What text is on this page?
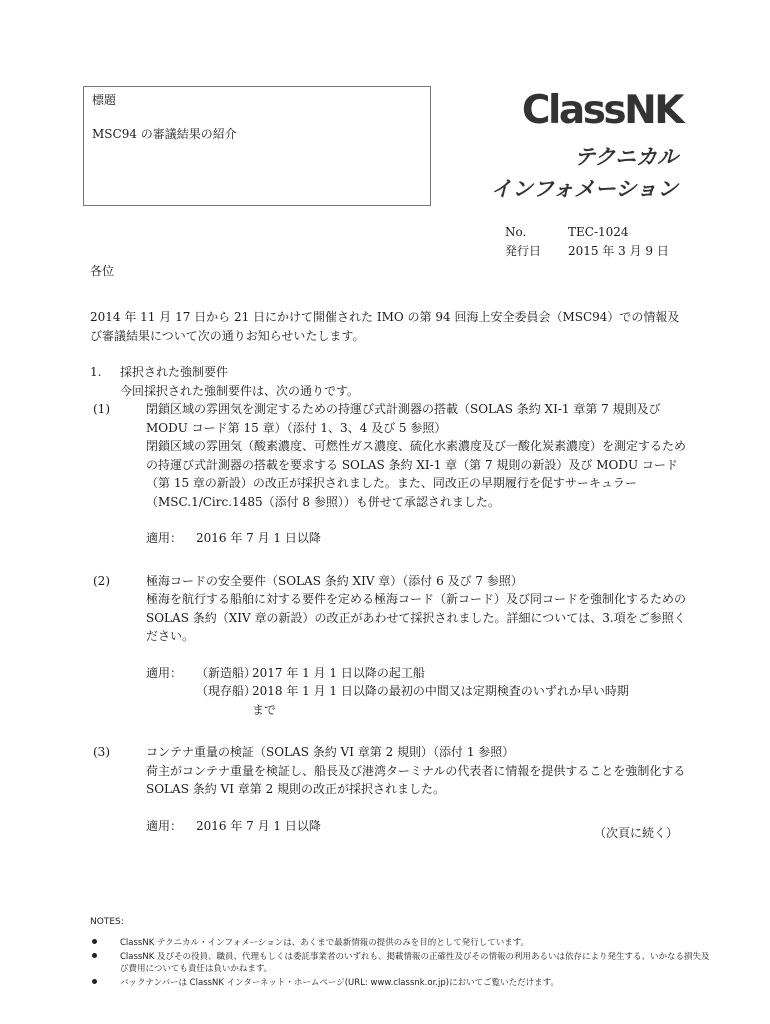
標題
MSC94 の審議結果の紹介
ClassNK
テクニカル
インフォメーション
No.	TEC-1024
発行日 2015 年 3 月 9 日
各位

2014 年 11 月 17 日から 21 日にかけて開催された IMO の第 94 回海上安全委員会（MSC94）での情報及び審議結果について次の通りお知らせいたします。

1. 採択された強制要件
今回採択された強制要件は、次の通りです。
(1)	閉鎖区域の雰囲気を測定するための持運び式計測器の搭載（SOLAS 条約 XI-1 章第 7 規則及び MODU コード第 15 章）（添付 1、3、4 及び 5 参照）

閉鎖区域の雰囲気（酸素濃度、可燃性ガス濃度、硫化水素濃度及び一酸化炭素濃度）を測定するための持運び式計測器の搭載を要求する SOLAS 条約 XI-1 章（第 7 規則の新設）及び MODU コード（第 15 章の新設）の改正が採択されました。また、同改正の早期履行を促すサーキュラー（MSC.1/Circ.1485（添付 8 参照））も併せて承認されました。

適用： 2016 年 7 月 1 日以降
(2)	極海コードの安全要件（SOLAS 条約 XIV 章）（添付 6 及び 7 参照）

極海を航行する船舶に対する要件を定める極海コード（新コード）及び同コードを強制化するための SOLAS 条約（XIV 章の新設）の改正があわせて採択されました。詳細については、3.項をご参照ください。

適用： （新造船）
2017 年 1 月 1 日以降の起工船
（現存船）
2018 年 1 月 1 日以降の最初の中間又は定期検査のいずれか早い時期
まで
(3)	コンテナ重量の検証（SOLAS 条約 VI 章第 2 規則）（添付 1 参照）

荷主がコンテナ重量を検証し、船長及び港湾ターミナルの代表者に情報を提供することを強制化する SOLAS 条約 VI 章第 2 規則の改正が採択されました。

適用： 2016 年 7 月 1 日以降
（次頁に続く）
NOTES:
ClassNK テクニカル・インフォメーションは、あくまで最新情報の提供のみを目的として発行しています。
ClassNK 及びその役員、職員、代理もしくは委託事業者のいずれも、掲載情報の正確性及びその情報の利用あるいは依存により発生する、いかなる損失及び費用についても責任は負いかねます。
バックナンバーは ClassNK インターネット・ホームページ(URL: www.classnk.or.jp)においてご覧いただけます。
